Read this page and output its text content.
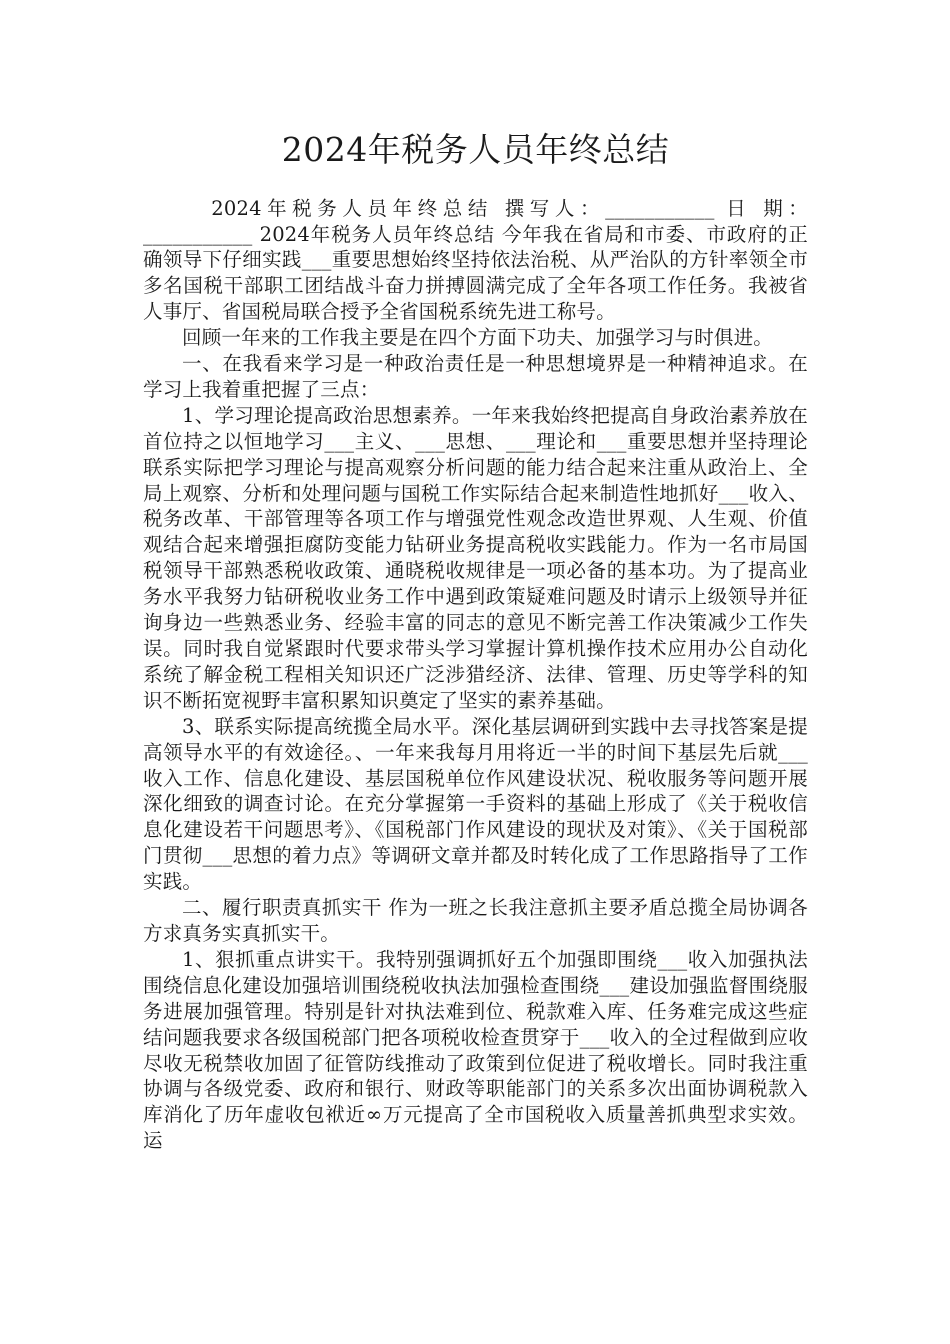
2024年税务人员年终总结

2024年税务人员年终总结 撰写人：___________ 日 期：___________ 2024年税务人员年终总结 今年我在省局和市委、市政府的正确领导下仔细实践___重要思想始终坚持依法治税、从严治队的方针率领全市多名国税干部职工团结战斗奋力拼搏圆满完成了全年各项工作任务。我被省人事厅、省国税局联合授予全省国税系统先进工称号。

回顾一年来的工作我主要是在四个方面下功夫、加强学习与时俱进。

一、在我看来学习是一种政治责任是一种思想境界是一种精神追求。在学习上我着重把握了三点：

1、学习理论提高政治思想素养。一年来我始终把提高自身政治素养放在首位持之以恒地学习___主义、___思想、___理论和___重要思想并坚持理论联系实际把学习理论与提高观察分析问题的能力结合起来注重从政治上、全局上观察、分析和处理问题与国税工作实际结合起来制造性地抓好___收入、税务改革、干部管理等各项工作与增强党性观念改造世界观、人生观、价值观结合起来增强拒腐防变能力钻研业务提高税收实践能力。作为一名市局国税领导干部熟悉税收政策、通晓税收规律是一项必备的基本功。为了提高业务水平我努力钻研税收业务工作中遇到政策疑难问题及时请示上级领导并征询身边一些熟悉业务、经验丰富的同志的意见不断完善工作决策减少工作失误。同时我自觉紧跟时代要求带头学习掌握计算机操作技术应用办公自动化系统了解金税工程相关知识还广泛涉猎经济、法律、管理、历史等学科的知识不断拓宽视野丰富积累知识奠定了坚实的素养基础。

3、联系实际提高统揽全局水平。深化基层调研到实践中去寻找答案是提高领导水平的有效途径。、一年来我每月用将近一半的时间下基层先后就___收入工作、信息化建设、基层国税单位作风建设状况、税收服务等问题开展深化细致的调查讨论。在充分掌握第一手资料的基础上形成了《关于税收信息化建设若干问题思考》、《国税部门作风建设的现状及对策》、《关于国税部门贯彻___思想的着力点》等调研文章并都及时转化成了工作思路指导了工作实践。

二、履行职责真抓实干 作为一班之长我注意抓主要矛盾总揽全局协调各方求真务实真抓实干。

1、狠抓重点讲实干。我特别强调抓好五个加强即围绕___收入加强执法围绕信息化建设加强培训围绕税收执法加强检查围绕___建设加强监督围绕服务进展加强管理。特别是针对执法难到位、税款难入库、任务难完成这些症结问题我要求各级国税部门把各项税收检查贯穿于___收入的全过程做到应收尽收无税禁收加固了征管防线推动了政策到位促进了税收增长。同时我注重协调与各级党委、政府和银行、财政等职能部门的关系多次出面协调税款入库消化了历年虚收包袱近∞万元提高了全市国税收入质量善抓典型求实效。运
